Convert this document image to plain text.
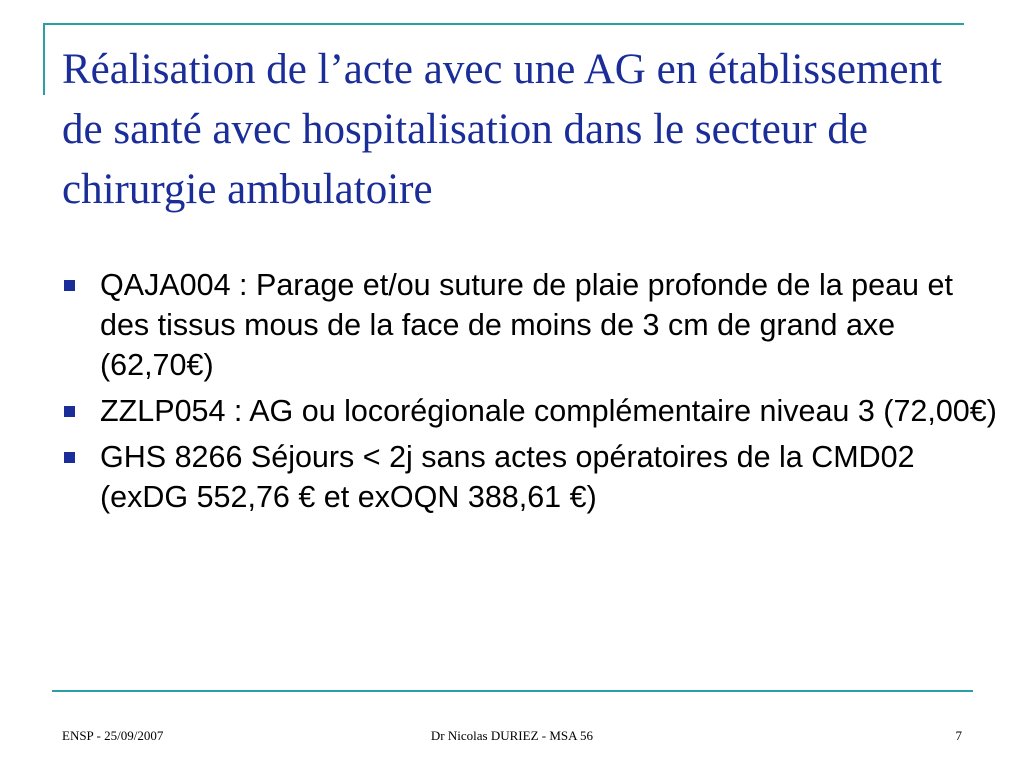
Réalisation de l’acte avec une AG en établissement de santé avec hospitalisation dans le secteur de chirurgie ambulatoire
QAJA004 : Parage et/ou suture de plaie profonde de la peau et des tissus mous de la face de moins de 3 cm de grand axe (62,70€)
ZZLP054 : AG ou locorégionale complémentaire niveau 3 (72,00€)
GHS 8266 Séjours < 2j sans actes opératoires de la CMD02 (exDG 552,76 € et exOQN 388,61 €)
ENSP - 25/09/2007	Dr Nicolas DURIEZ - MSA 56	7
